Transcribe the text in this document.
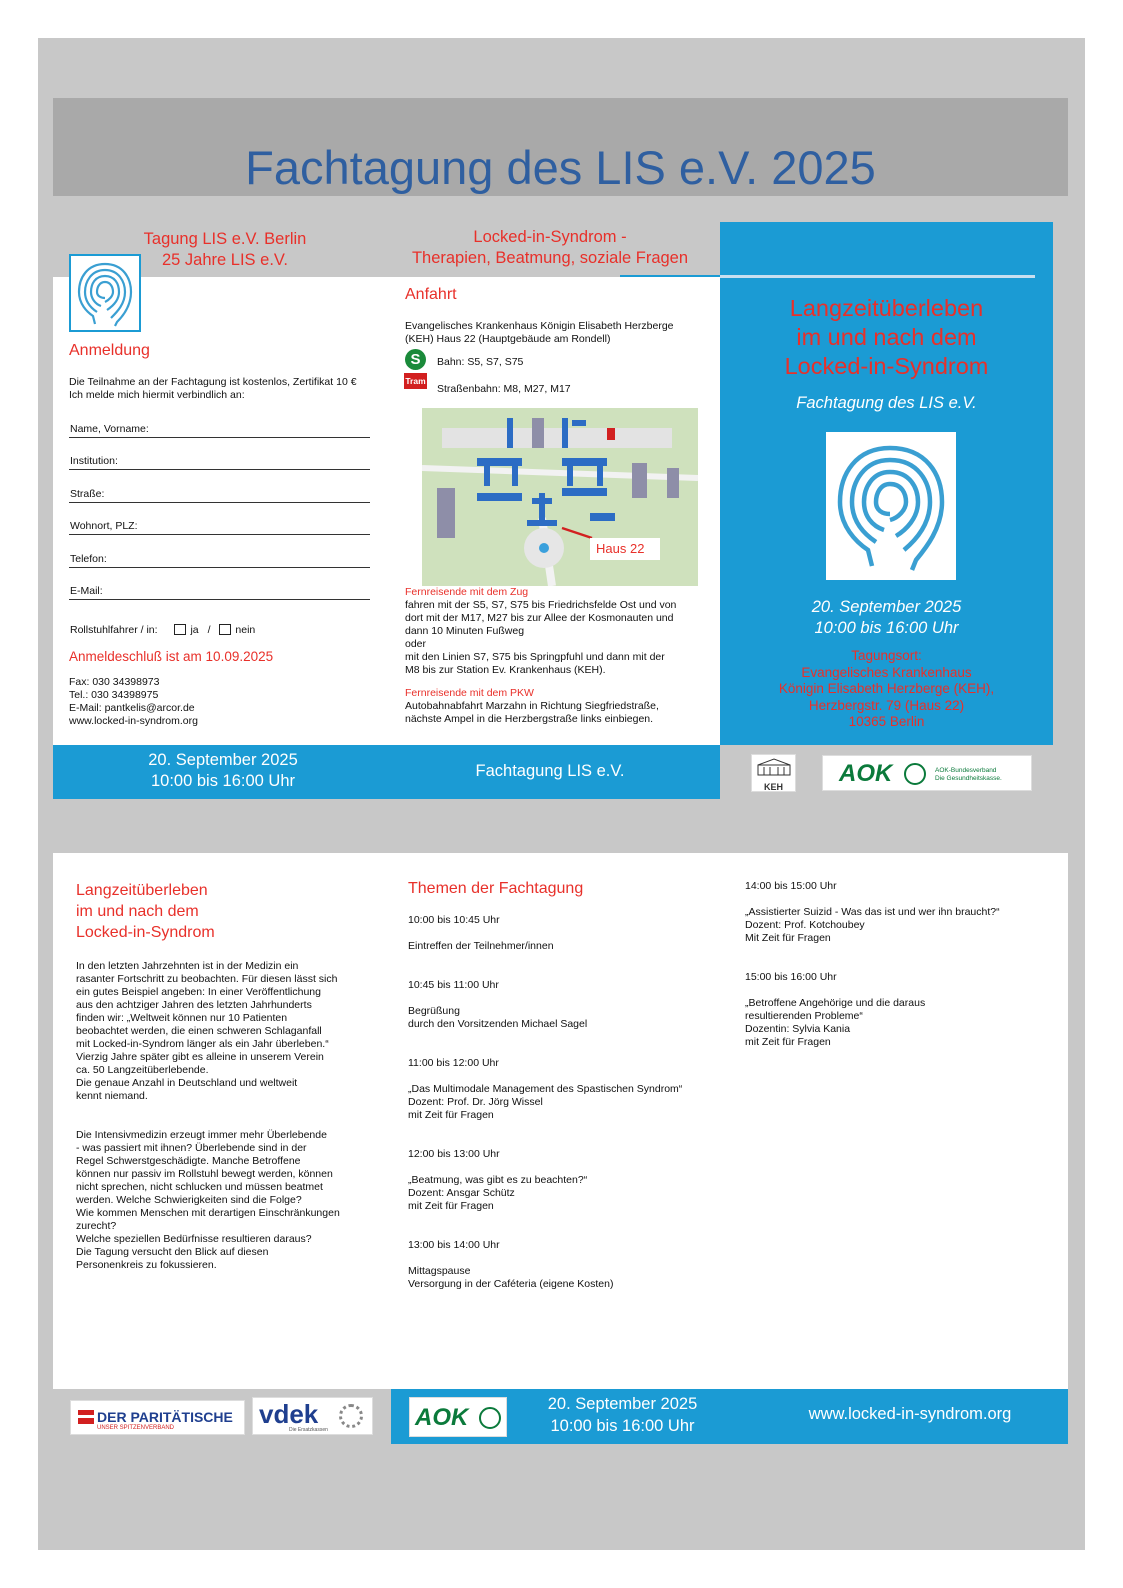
Fachtagung des LIS e.V. 2025
Tagung LIS e.V. Berlin
25 Jahre LIS e.V.
Locked-in-Syndrom -
Therapien, Beatmung, soziale Fragen
Anmeldung
Die Teilnahme an der Fachtagung ist kostenlos, Zertifikat 10 €
Ich melde mich hiermit verbindlich an:
Name, Vorname:
Institution:
Straße:
Wohnort, PLZ:
Telefon:
E-Mail:
Rollstuhlfahrer / in:	ja / nein
Anmeldeschluß ist am 10.09.2025
Fax: 030 34398973
Tel.: 030 34398975
E-Mail: pantkelis@arcor.de
www.locked-in-syndrom.org
Anfahrt
Evangelisches Krankenhaus Königin Elisabeth Herzberge
(KEH) Haus 22 (Hauptgebäude am Rondell)
S	Bahn: S5, S7, S75
Tram
Straßenbahn: M8, M27, M17
Haus 22
Fernreisende mit dem Zug
fahren mit der S5, S7, S75 bis Friedrichsfelde Ost und von
dort mit der M17, M27 bis zur Allee der Kosmonauten und
dann 10 Minuten Fußweg
oder
mit den Linien S7, S75 bis Springpfuhl und dann mit der
M8 bis zur Station Ev. Krankenhaus (KEH).
Fernreisende mit dem PKW
Autobahnabfahrt Marzahn in Richtung Siegfriedstraße,
nächste Ampel in die Herzbergstraße links einbiegen.
Langzeitüberleben
im und nach dem
Locked-in-Syndrom
Fachtagung des LIS e.V.
20. September 2025
10:00 bis 16:00 Uhr
Tagungsort:
Evangelisches Krankenhaus
Königin Elisabeth Herzberge (KEH),
Herzbergstr. 79 (Haus 22)
10365 Berlin
20. September 2025
10:00 bis 16:00 Uhr
Fachtagung LIS e.V.
KEH	AOK	AOK-Bundesverband
Die Gesundheitskasse.
Langzeitüberleben
im und nach dem
Locked-in-Syndrom
In den letzten Jahrzehnten ist in der Medizin ein
rasanter Fortschritt zu beobachten. Für diesen lässt sich
ein gutes Beispiel angeben: In einer Veröffentlichung
aus den achtziger Jahren des letzten Jahrhunderts
finden wir: „Weltweit können nur 10 Patienten
beobachtet werden, die einen schweren Schlaganfall
mit Locked-in-Syndrom länger als ein Jahr überleben.“
Vierzig Jahre später gibt es alleine in unserem Verein
ca. 50 Langzeitüberlebende.
Die genaue Anzahl in Deutschland und weltweit
kennt niemand.
Die Intensivmedizin erzeugt immer mehr Überlebende
- was passiert mit ihnen? Überlebende sind in der
Regel Schwerstgeschädigte. Manche Betroffene
können nur passiv im Rollstuhl bewegt werden, können
nicht sprechen, nicht schlucken und müssen beatmet
werden. Welche Schwierigkeiten sind die Folge?
Wie kommen Menschen mit derartigen Einschränkungen
zurecht?
Welche speziellen Bedürfnisse resultieren daraus?
Die Tagung versucht den Blick auf diesen
Personenkreis zu fokussieren.
Themen der Fachtagung
10:00 bis 10:45 Uhr
Eintreffen der Teilnehmer/innen
10:45 bis 11:00 Uhr
Begrüßung
durch den Vorsitzenden Michael Sagel
11:00 bis 12:00 Uhr
„Das Multimodale Management des Spastischen Syndrom“
Dozent: Prof. Dr. Jörg Wissel
mit Zeit für Fragen
12:00 bis 13:00 Uhr
„Beatmung, was gibt es zu beachten?“
Dozent: Ansgar Schütz
mit Zeit für Fragen
13:00 bis 14:00 Uhr
Mittagspause
Versorgung in der Caféteria (eigene Kosten)
14:00 bis 15:00 Uhr
„Assistierter Suizid - Was das ist und wer ihn braucht?“
Dozent: Prof. Kotchoubey
Mit Zeit für Fragen
15:00 bis 16:00 Uhr
„Betroffene Angehörige und die daraus
resultierenden Probleme“
Dozentin: Sylvia Kania
mit Zeit für Fragen
DER PARITÄTISCHE
UNSER SPITZENVERBAND	vdek
Die Ersatzkassen	AOK	20. September 2025
10:00 bis 16:00 Uhr
www.locked-in-syndrom.org
